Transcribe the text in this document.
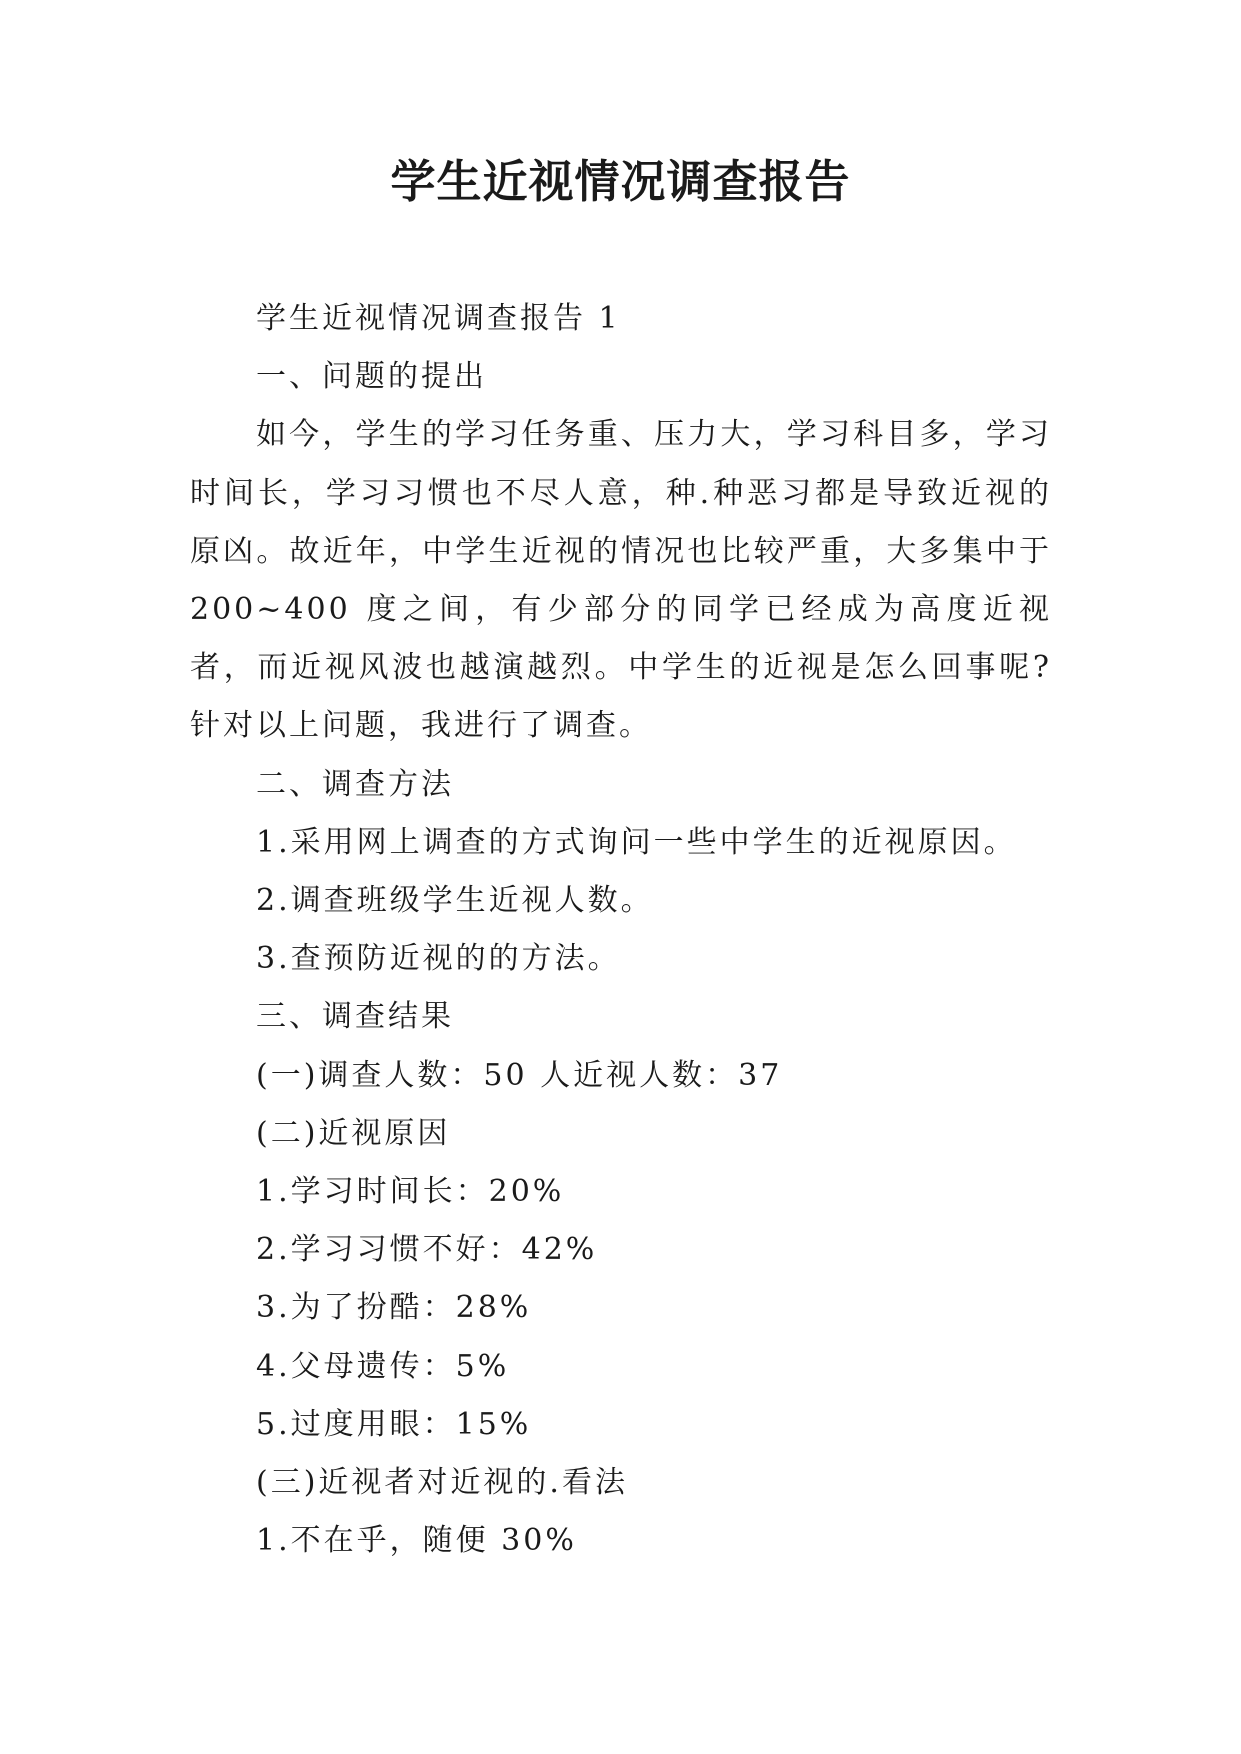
学生近视情况调查报告

学生近视情况调查报告 1

一、问题的提出

如今，学生的学习任务重、压力大，学习科目多，学习时间长，学习习惯也不尽人意，种.种恶习都是导致近视的原凶。故近年，中学生近视的情况也比较严重，大多集中于200~400 度之间，有少部分的同学已经成为高度近视者，而近视风波也越演越烈。中学生的近视是怎么回事呢?针对以上问题，我进行了调查。

二、调查方法

1.采用网上调查的方式询问一些中学生的近视原因。

2.调查班级学生近视人数。

3.查预防近视的的方法。

三、调查结果

(一)调查人数：50 人近视人数：37

(二)近视原因

1.学习时间长：20%

2.学习习惯不好：42%

3.为了扮酷：28%

4.父母遗传：5%

5.过度用眼：15%

(三)近视者对近视的.看法

1.不在乎，随便 30%
